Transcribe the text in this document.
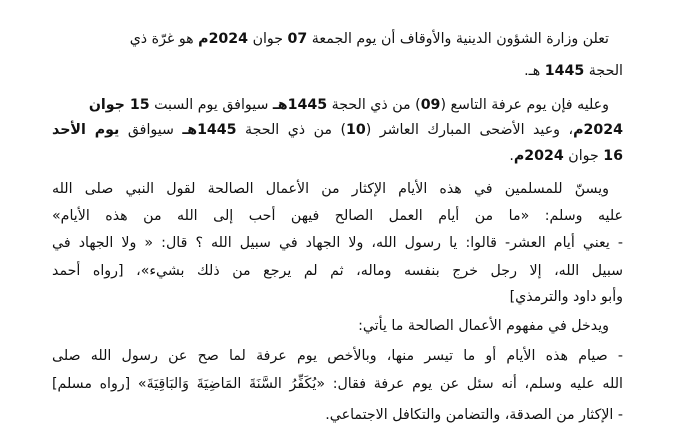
تعلن وزارة الشؤون الدينية والأوقاف أن يوم الجمعة 07 جوان 2024م هو غرّة ذي
الحجة 1445 هـ.
وعليه فإن يوم عرفة التاسع (09) من ذي الحجة 1445هـ سيوافق يوم السبت 15 جوان
2024م، وعيد الأضحى المبارك العاشر (10) من ذي الحجة 1445هـ سيوافق يوم الأحد
16 جوان 2024م.
ويسنّ للمسلمين في هذه الأيام الإكثار من الأعمال الصالحة لقول النبي صلى الله
عليه وسلم: «ما من أيام العمل الصالح فيهن أحب إلى الله من هذه الأيام»
- يعني أيام العشر- قالوا: يا رسول الله، ولا الجهاد في سبيل الله ؟ قال: « ولا الجهاد في
سبيل الله، إلا رجل خرج بنفسه وماله، ثم لم يرجع من ذلك بشيء»، [رواه أحمد
وأبو داود والترمذي]
ويدخل في مفهوم الأعمال الصالحة ما يأتي:
- صيام هذه الأيام أو ما تيسر منها، وبالأخص يوم عرفة لما صح عن رسول الله صلى
الله عليه وسلم، أنه سئل عن يوم عرفة فقال: «يُكَفِّرُ السَّنَةَ المَاضِيَةَ وَالبَاقِيَةَ» [رواه مسلم]
- الإكثار من الصدقة، والتضامن والتكافل الاجتماعي.
